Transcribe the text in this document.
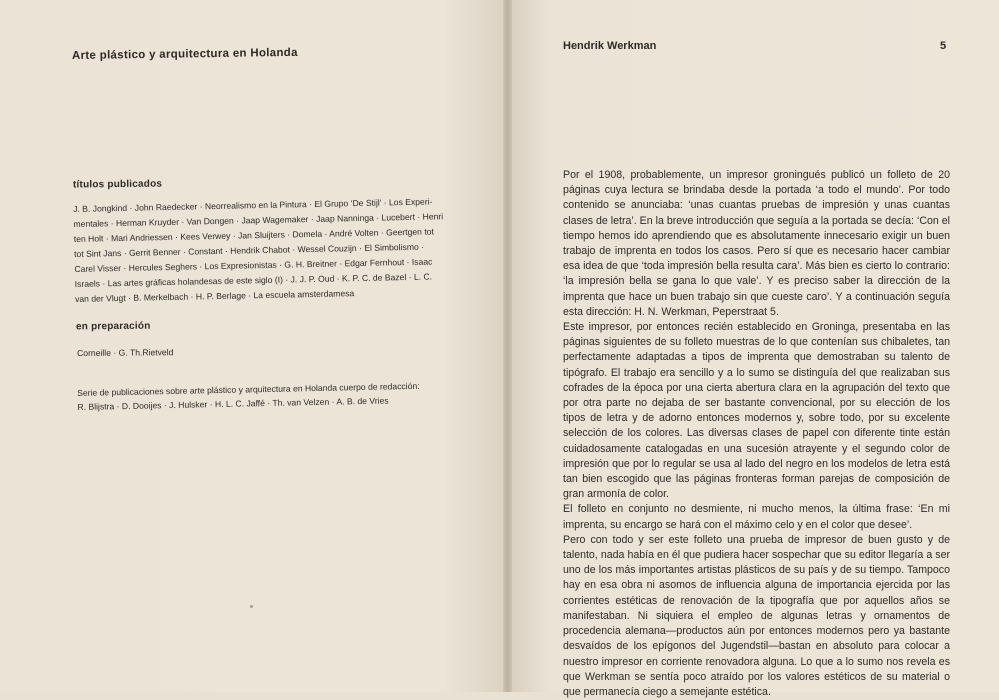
Arte plástico y arquitectura en Holanda
títulos publicados
J. B. Jongkind · John Raedecker · Neorrealismo en la Pintura · El Grupo ‘De Stijl’ · Los Experi-
mentales · Herman Kruyder · Van Dongen · Jaap Wagemaker · Jaap Nanninga · Lucebert · Henri
ten Holt · Mari Andriessen · Kees Verwey · Jan Sluijters · Domela · André Volten · Geertgen tot
tot Sint Jans · Gerrit Benner · Constant · Hendrik Chabot · Wessel Couzijn · El Simbolismo ·
Carel Visser · Hercules Seghers · Los Expresionistas · G. H. Breitner · Edgar Fernhout · Isaac
Israels · Las artes gráficas holandesas de este siglo (I) · J. J. P. Oud · K. P. C. de Bazel · L. C.
van der Vlugt · B. Merkelbach · H. P. Berlage · La escuela amsterdamesa
en preparación
Corneille · G. Th.Rietveld
Serie de publicaciones sobre arte plástico y arquitectura en Holanda cuerpo de redacción:
R. Blijstra · D. Dooijes · J. Hulsker · H. L. C. Jaffé · Th. van Velzen · A. B. de Vries
Hendrik Werkman	5

Por el 1908, probablemente, un impresor groningués publicó un folleto de 20 páginas cuya lectura se brindaba desde la portada ‘a todo el mundo’. Por todo contenido se anunciaba: ‘unas cuantas pruebas de impresión y unas cuantas clases de letra’. En la breve introducción que seguía a la portada se decía: ‘Con el tiempo hemos ido aprendiendo que es absolutamente innecesario exigir un buen trabajo de imprenta en todos los casos. Pero sí que es necesario hacer cambiar esa idea de que ‘toda impresión bella resulta cara’. Más bien es cierto lo contrario: ‘la impresión bella se gana lo que vale’. Y es preciso saber la dirección de la imprenta que hace un buen trabajo sin que cueste caro’. Y a continuación seguía esta dirección: H. N. Werkman, Peperstraat 5.

Este impresor, por entonces recién establecido en Groninga, presentaba en las páginas siguientes de su folleto muestras de lo que contenían sus chibaletes, tan perfectamente adaptadas a tipos de imprenta que demostraban su talento de tipógrafo. El trabajo era sencillo y a lo sumo se distinguía del que realizaban sus cofrades de la época por una cierta abertura clara en la agrupación del texto que por otra parte no dejaba de ser bastante convencional, por su elección de los tipos de letra y de adorno entonces modernos y, sobre todo, por su excelente selección de los colores. Las diversas clases de papel con diferente tinte están cuidadosamente catalogadas en una sucesión atrayente y el segundo color de impresión que por lo regular se usa al lado del negro en los modelos de letra está tan bien escogido que las páginas fronteras forman parejas de composición de gran armonía de color.

El folleto en conjunto no desmiente, ni mucho menos, la última frase: ‘En mi imprenta, su encargo se hará con el máximo celo y en el color que desee’.

Pero con todo y ser este folleto una prueba de impresor de buen gusto y de talento, nada había en él que pudiera hacer sospechar que su editor llegaría a ser uno de los más importantes artistas plásticos de su país y de su tiempo. Tampoco hay en esa obra ni asomos de influencia alguna de importancia ejercida por las corrientes estéticas de renovación de la tipografía que por aquellos años se manifestaban. Ni siquiera el empleo de algunas letras y ornamentos de procedencia alemana—productos aún por entonces modernos pero ya bastante desvaídos de los epígonos del Jugendstil—bastan en absoluto para colocar a nuestro impresor en corriente renovadora alguna. Lo que a lo sumo nos revela es que Werkman se sentía poco atraído por los valores estéticos de su material o que permanecía ciego a semejante estética.
